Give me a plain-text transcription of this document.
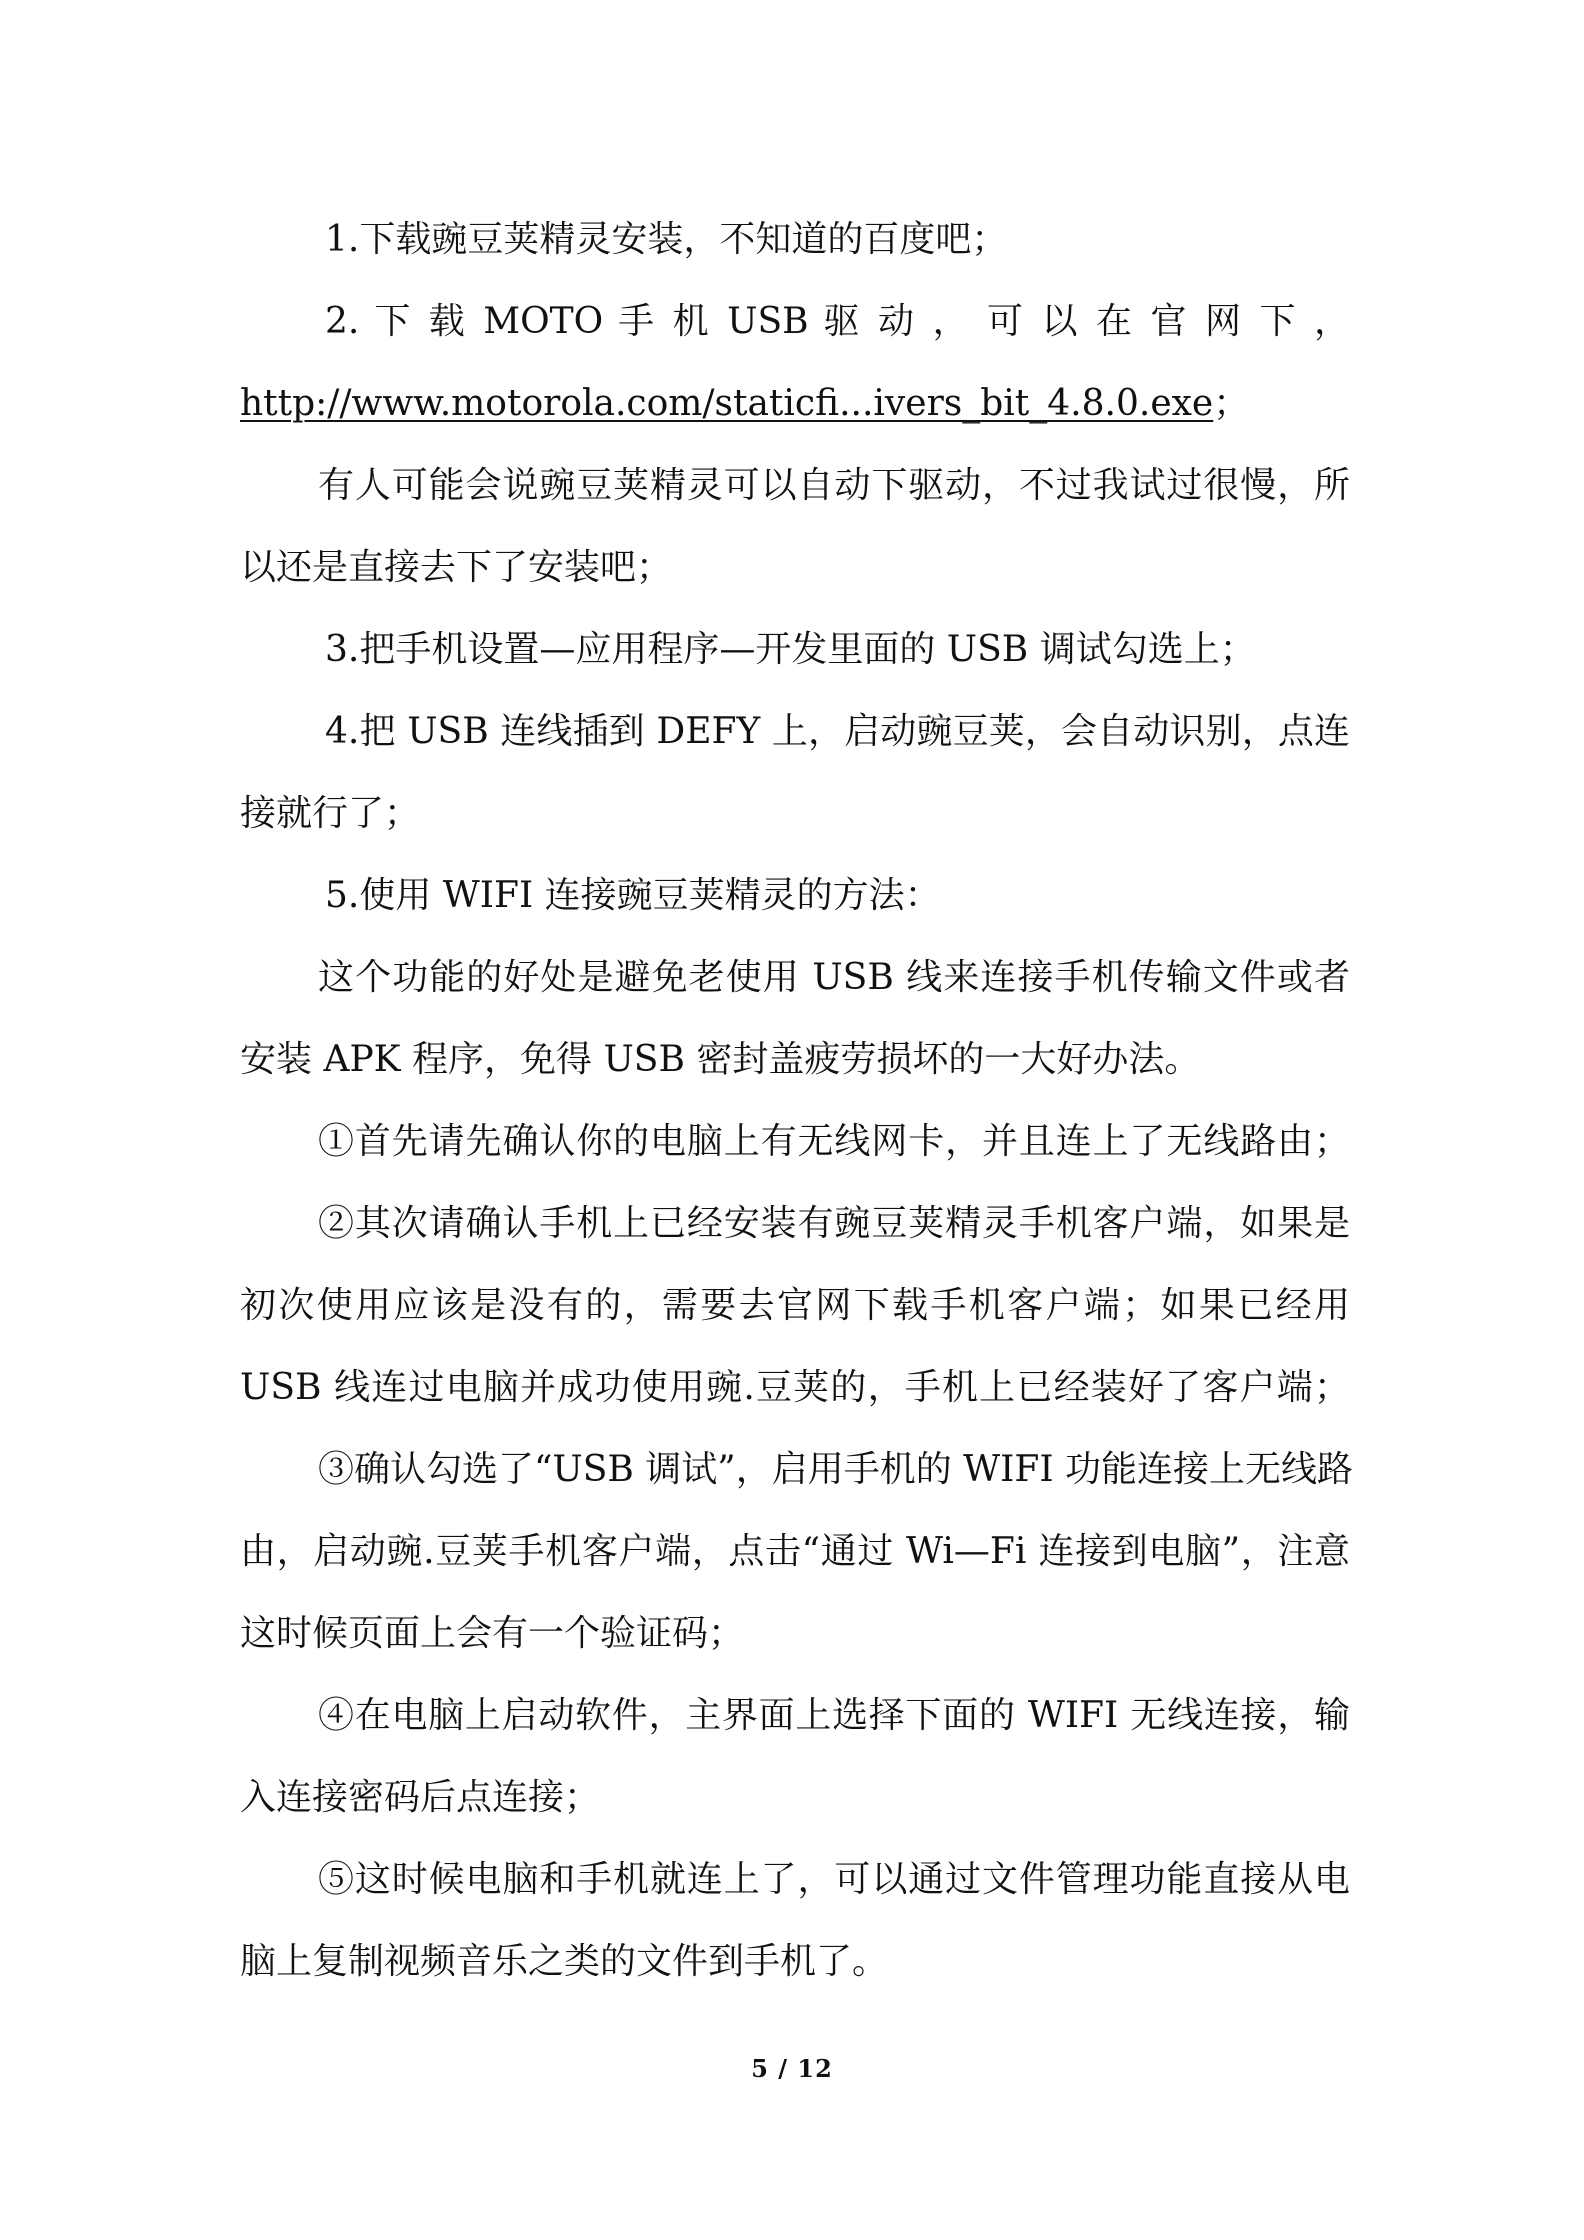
1.下载豌豆荚精灵安装，不知道的百度吧；
2. 下 载 MOTO 手 机 USB 驱 动 ， 可 以 在 官 网 下 ，
http://www.motorola.com/staticfi...ivers_bit_4.8.0.exe；
有人可能会说豌豆荚精灵可以自动下驱动，不过我试过很慢，所
以还是直接去下了安装吧；
3.把手机设置—应用程序—开发里面的 USB 调试勾选上；
4.把 USB 连线插到 DEFY 上，启动豌豆荚，会自动识别，点连
接就行了；
5.使用 WIFI 连接豌豆荚精灵的方法：
这个功能的好处是避免老使用 USB 线来连接手机传输文件或者
安装 APK 程序，免得 USB 密封盖疲劳损坏的一大好办法。
①首先请先确认你的电脑上有无线网卡，并且连上了无线路由；
②其次请确认手机上已经安装有豌豆荚精灵手机客户端，如果是
初次使用应该是没有的，需要去官网下载手机客户端；如果已经用
USB 线连过电脑并成功使用豌.豆荚的，手机上已经装好了客户端；
③确认勾选了“USB 调试”，启用手机的 WIFI 功能连接上无线路
由，启动豌.豆荚手机客户端，点击“通过 Wi—Fi 连接到电脑”，注意
这时候页面上会有一个验证码；
④在电脑上启动软件，主界面上选择下面的 WIFI 无线连接，输
入连接密码后点连接；
⑤这时候电脑和手机就连上了，可以通过文件管理功能直接从电
脑上复制视频音乐之类的文件到手机了。
5 / 12
